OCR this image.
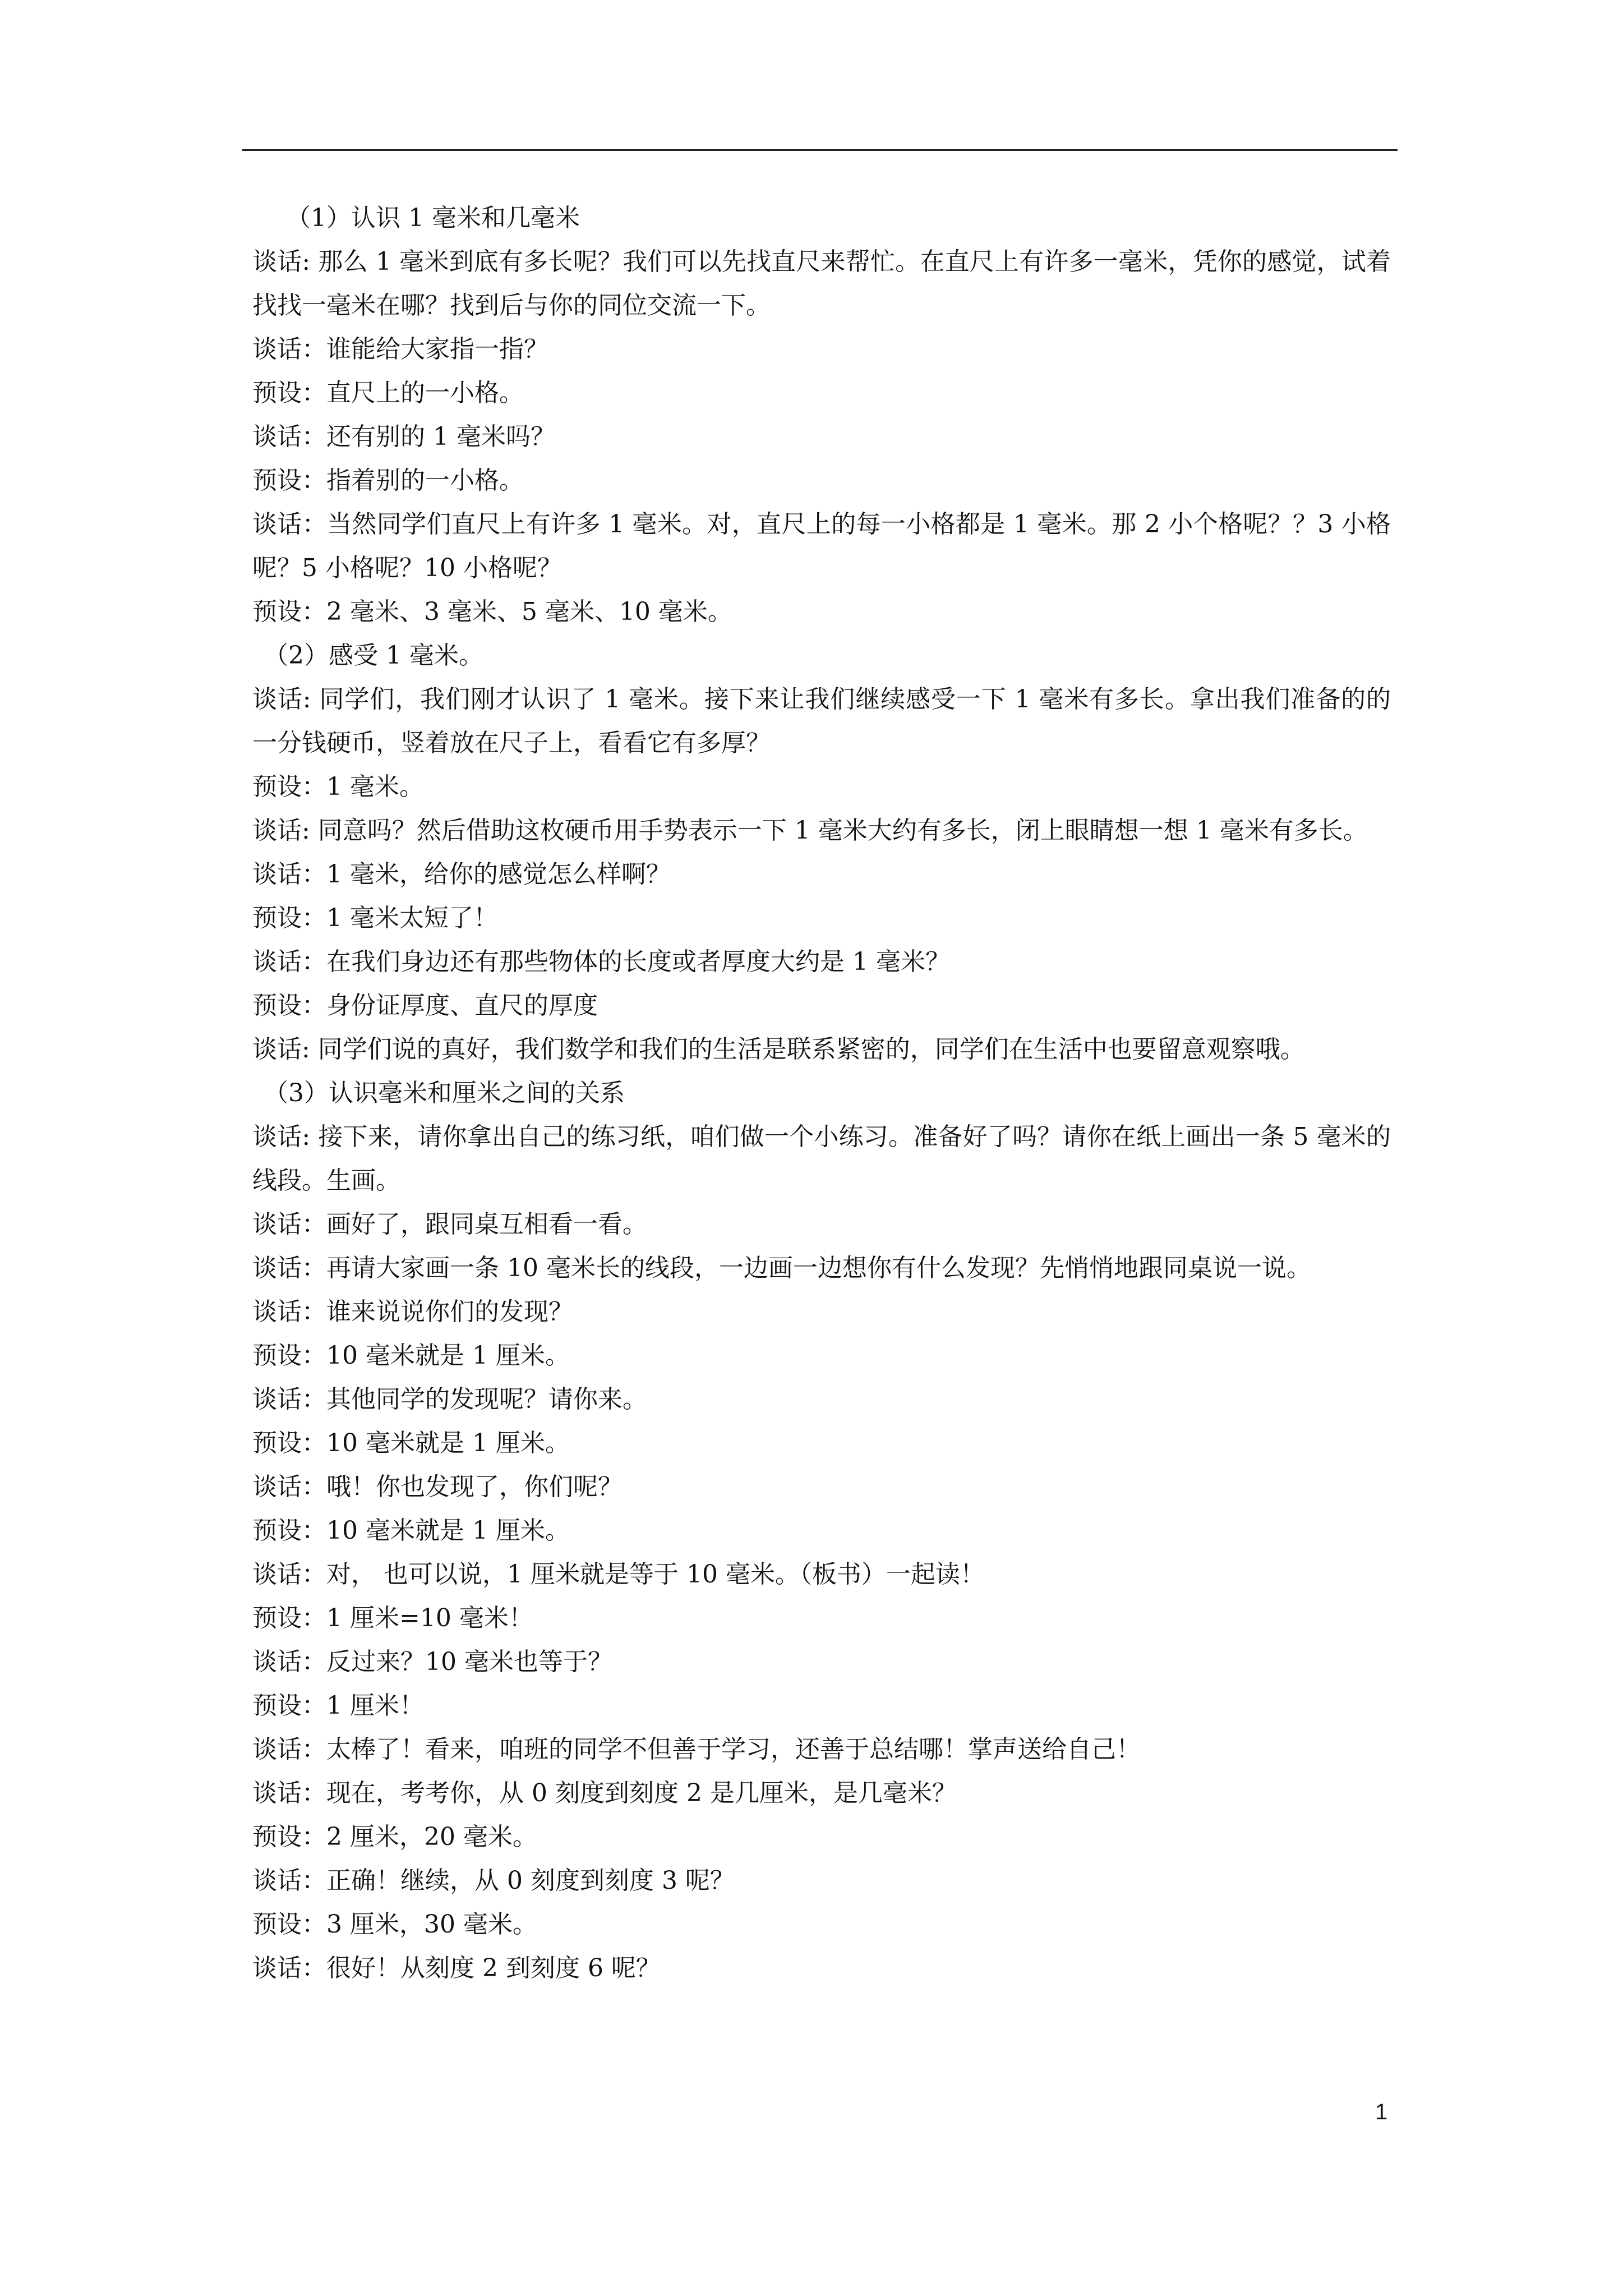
（1）认识 1 毫米和几毫米

谈话: 那么 1 毫米到底有多长呢？我们可以先找直尺来帮忙。在直尺上有许多一毫米，凭你的感觉，试着找找一毫米在哪？找到后与你的同位交流一下。

谈话：谁能给大家指一指？

预设：直尺上的一小格。

谈话：还有别的 1 毫米吗？

预设：指着别的一小格。

谈话：当然同学们直尺上有许多 1 毫米。对，直尺上的每一小格都是 1 毫米。那 2 小个格呢？？3 小格呢？5 小格呢？10 小格呢？

预设：2 毫米、3 毫米、5 毫米、10 毫米。

（2）感受 1 毫米。

谈话: 同学们，我们刚才认识了 1 毫米。接下来让我们继续感受一下 1 毫米有多长。拿出我们准备的的一分钱硬币，竖着放在尺子上，看看它有多厚？

预设：1 毫米。

谈话: 同意吗？然后借助这枚硬币用手势表示一下 1 毫米大约有多长，闭上眼睛想一想 1 毫米有多长。

谈话：1 毫米，给你的感觉怎么样啊？

预设：1 毫米太短了！

谈话：在我们身边还有那些物体的长度或者厚度大约是 1 毫米？

预设：身份证厚度、直尺的厚度

谈话: 同学们说的真好，我们数学和我们的生活是联系紧密的，同学们在生活中也要留意观察哦。

（3）认识毫米和厘米之间的关系

谈话: 接下来，请你拿出自己的练习纸，咱们做一个小练习。准备好了吗？请你在纸上画出一条 5 毫米的线段。生画。

谈话：画好了，跟同桌互相看一看。

谈话：再请大家画一条 10 毫米长的线段，一边画一边想你有什么发现？先悄悄地跟同桌说一说。

谈话：谁来说说你们的发现？

预设：10 毫米就是 1 厘米。

谈话：其他同学的发现呢？请你来。

预设：10 毫米就是 1 厘米。

谈话：哦！你也发现了，你们呢？

预设：10 毫米就是 1 厘米。

谈话：对， 也可以说，1 厘米就是等于 10 毫米。（板书）一起读！

预设：1 厘米=10 毫米！

谈话：反过来？10 毫米也等于？

预设：1 厘米！

谈话：太棒了！看来，咱班的同学不但善于学习，还善于总结哪！掌声送给自己！

谈话：现在，考考你，从 0 刻度到刻度 2 是几厘米，是几毫米？

预设：2 厘米，20 毫米。

谈话：正确！继续，从 0 刻度到刻度 3 呢？

预设：3 厘米，30 毫米。

谈话：很好！从刻度 2 到刻度 6 呢？

1
